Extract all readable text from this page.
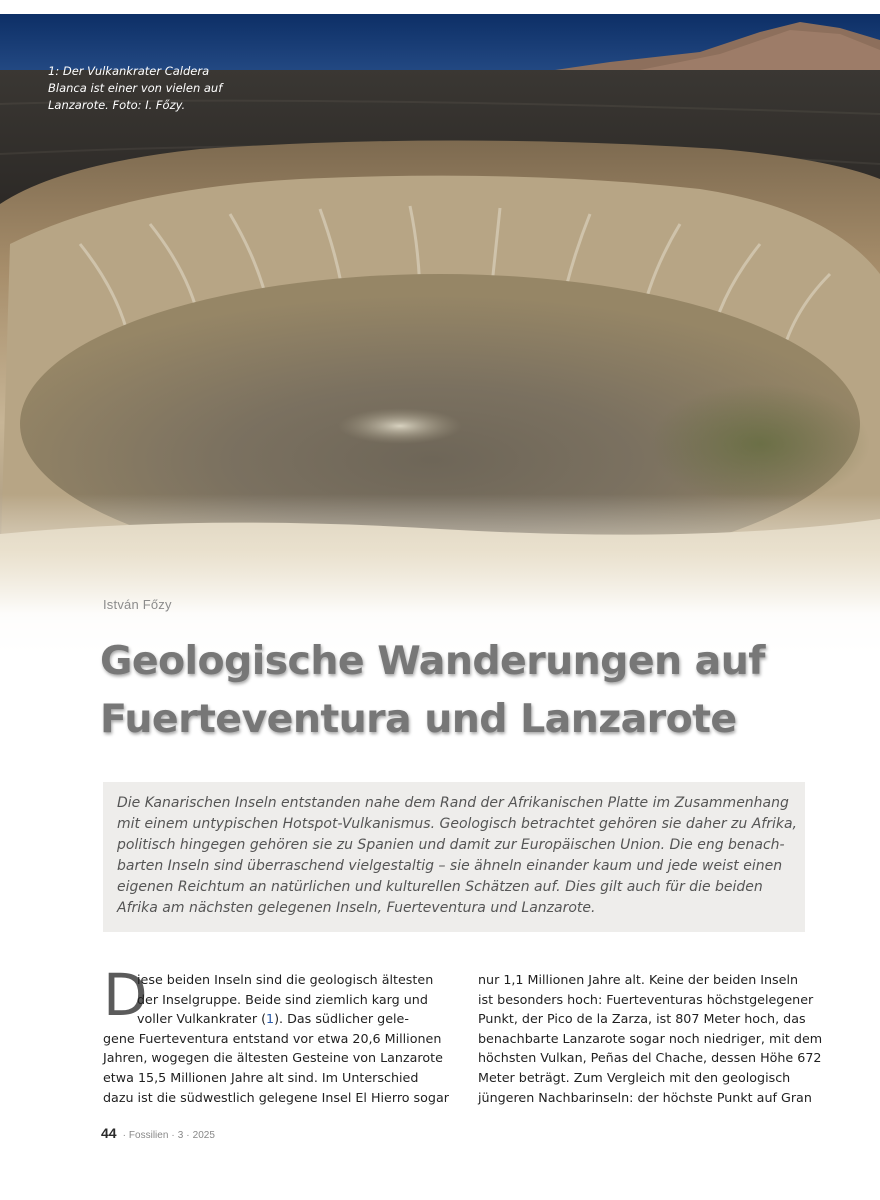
1: Der Vulkankrater Caldera
Blanca ist einer von vielen auf
Lanzarote. Foto: I. Főzy.
István Főzy
Geologische Wanderungen auf
Fuerteventura und Lanzarote
Die Kanarischen Inseln entstanden nahe dem Rand der Afrikanischen Platte im Zusammenhang
mit einem untypischen Hotspot-Vulkanismus. Geologisch betrachtet gehören sie daher zu Afrika,
politisch hingegen gehören sie zu Spanien und damit zur Europäischen Union. Die eng benach-
barten Inseln sind überraschend vielgestaltig – sie ähneln einander kaum und jede weist einen
eigenen Reichtum an natürlichen und kulturellen Schätzen auf. Dies gilt auch für die beiden
Afrika am nächsten gelegenen Inseln, Fuerteventura und Lanzarote.
D
iese beiden Inseln sind die geologisch ältesten
der Inselgruppe. Beide sind ziemlich karg und
voller Vulkankrater (1). Das südlicher gele-
gene Fuerteventura entstand vor etwa 20,6 Millionen
Jahren, wogegen die ältesten Gesteine von Lanzarote
etwa 15,5 Millionen Jahre alt sind. Im Unterschied
dazu ist die südwestlich gelegene Insel El Hierro sogar
nur 1,1 Millionen Jahre alt. Keine der beiden Inseln
ist besonders hoch: Fuerteventuras höchstgelegener
Punkt, der Pico de la Zarza, ist 807 Meter hoch, das
benachbarte Lanzarote sogar noch niedriger, mit dem
höchsten Vulkan, Peñas del Chache, dessen Höhe 672
Meter beträgt. Zum Vergleich mit den geologisch
jüngeren Nachbarinseln: der höchste Punkt auf Gran
44 · Fossilien · 3 · 2025
